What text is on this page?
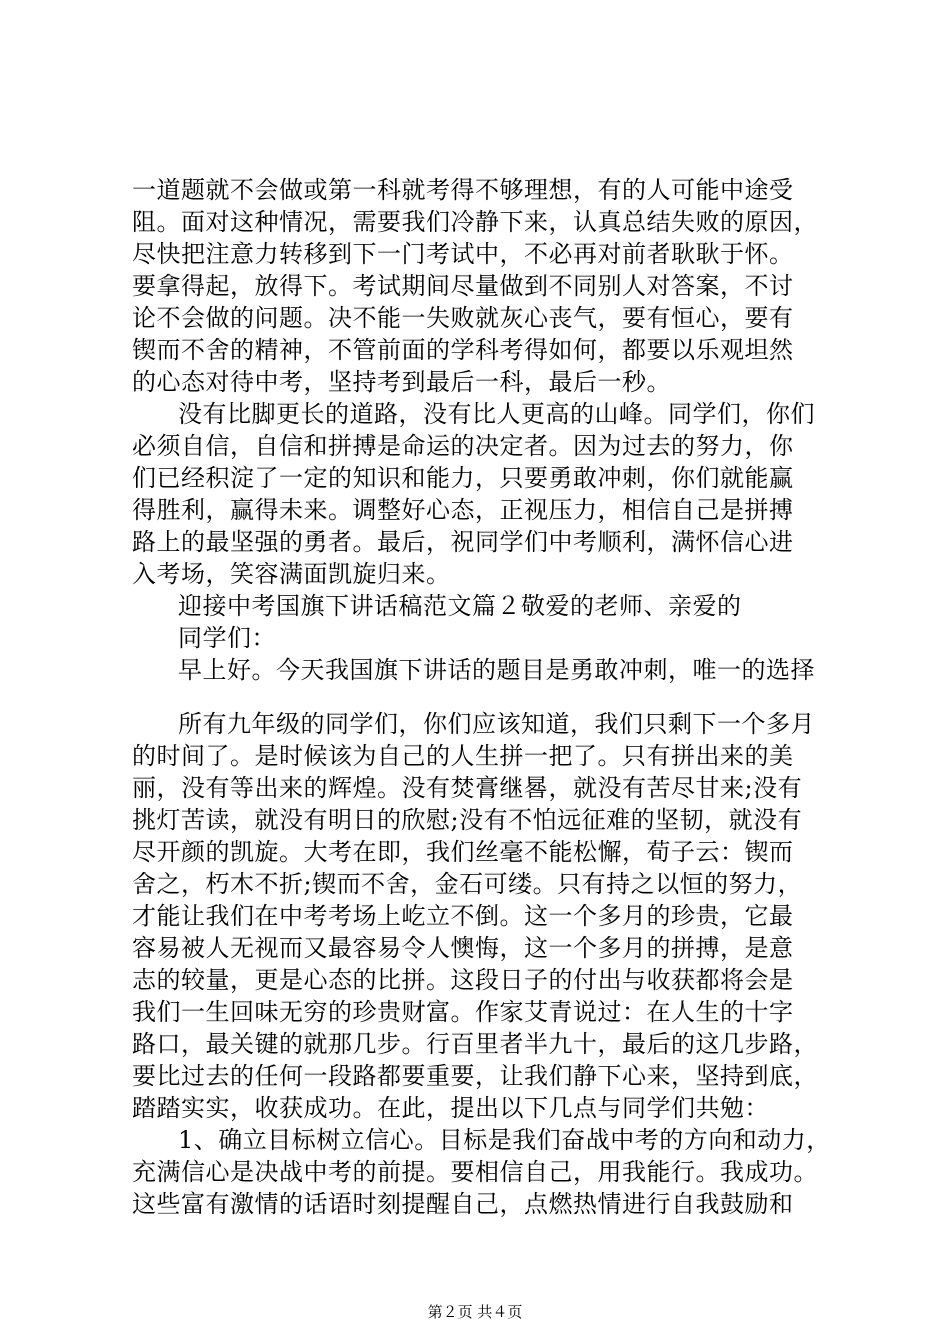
一道题就不会做或第一科就考得不够理想，有的人可能中途受
阻。面对这种情况，需要我们冷静下来，认真总结失败的原因，
尽快把注意力转移到下一门考试中，不必再对前者耿耿于怀。
要拿得起，放得下。考试期间尽量做到不同别人对答案，不讨
论不会做的问题。决不能一失败就灰心丧气，要有恒心，要有
锲而不舍的精神，不管前面的学科考得如何，都要以乐观坦然
的心态对待中考，坚持考到最后一科，最后一秒。
没有比脚更长的道路，没有比人更高的山峰。同学们，你们
必须自信，自信和拼搏是命运的决定者。因为过去的努力，你
们已经积淀了一定的知识和能力，只要勇敢冲刺，你们就能赢
得胜利，赢得未来。调整好心态，正视压力，相信自己是拼搏
路上的最坚强的勇者。最后，祝同学们中考顺利，满怀信心进
入考场，笑容满面凯旋归来。
迎接中考国旗下讲话稿范文篇２敬爱的老师、亲爱的
同学们：
早上好。今天我国旗下讲话的题目是勇敢冲刺，唯一的选择
所有九年级的同学们，你们应该知道，我们只剩下一个多月
的时间了。是时候该为自己的人生拼一把了。只有拼出来的美
丽，没有等出来的辉煌。没有焚膏继晷，就没有苦尽甘来;没有
挑灯苦读，就没有明日的欣慰;没有不怕远征难的坚韧，就没有
尽开颜的凯旋。大考在即，我们丝毫不能松懈，荀子云：锲而
舍之，朽木不折;锲而不舍，金石可缕。只有持之以恒的努力，
才能让我们在中考考场上屹立不倒。这一个多月的珍贵，它最
容易被人无视而又最容易令人懊悔，这一个多月的拼搏，是意
志的较量，更是心态的比拼。这段日子的付出与收获都将会是
我们一生回味无穷的珍贵财富。作家艾青说过：在人生的十字
路口，最关键的就那几步。行百里者半九十，最后的这几步路，
要比过去的任何一段路都要重要，让我们静下心来，坚持到底，
踏踏实实，收获成功。在此，提出以下几点与同学们共勉：
1、确立目标树立信心。目标是我们奋战中考的方向和动力，
充满信心是决战中考的前提。要相信自己，用我能行。我成功。
这些富有激情的话语时刻提醒自己，点燃热情进行自我鼓励和
第２页 共４页
